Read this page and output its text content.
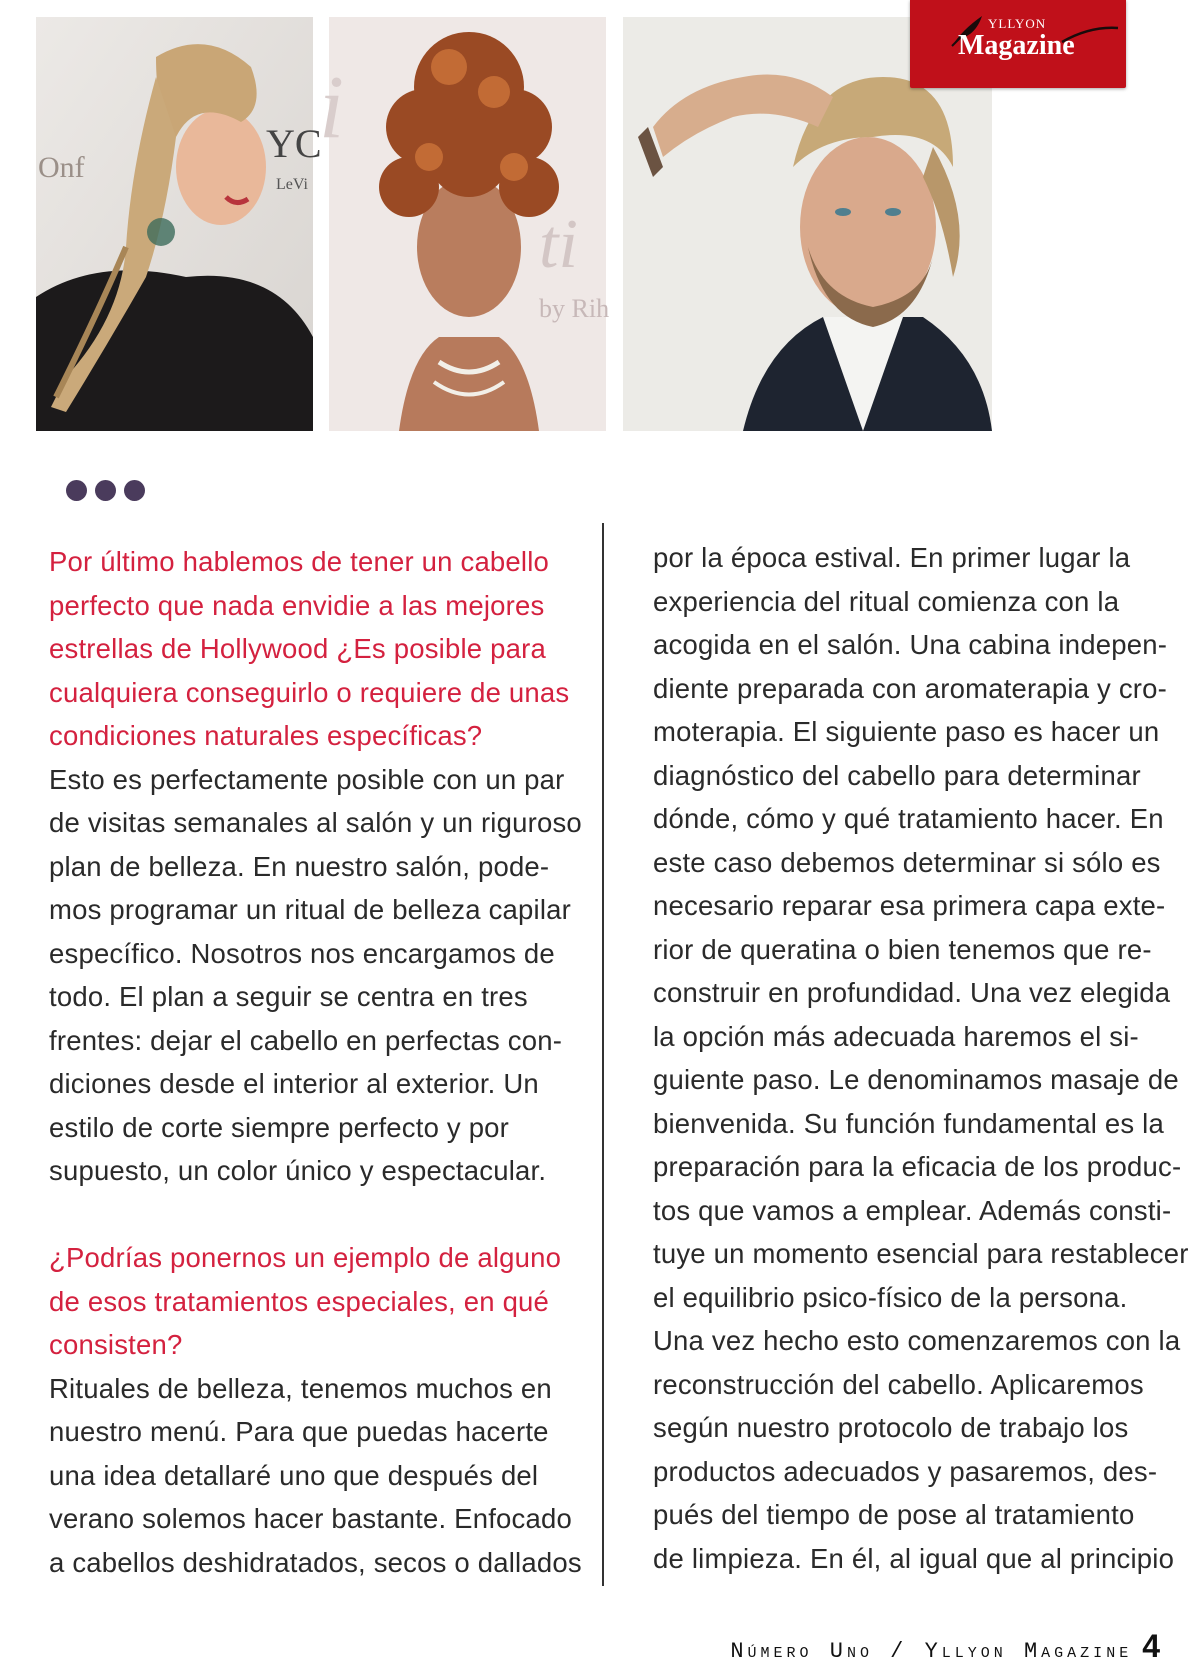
Onf
YC
LeVi
i
ti
by Rih
YLLYON
Magazine
Por último hablemos de tener un cabello
perfecto que nada envidie a las mejores
estrellas de Hollywood ¿Es posible para
cualquiera conseguirlo o requiere de unas
condiciones naturales específicas?
Esto es perfectamente posible con un par
de visitas semanales al salón y un riguroso
plan de belleza. En nuestro salón, pode-
mos programar un ritual de belleza capilar
específico. Nosotros nos encargamos de
todo. El plan a seguir se centra en tres
frentes: dejar el cabello en perfectas con-
diciones desde el interior al exterior. Un
estilo de corte siempre perfecto y por
supuesto, un color único y espectacular.
¿Podrías ponernos un ejemplo de alguno
de esos tratamientos especiales, en qué
consisten?
Rituales de belleza, tenemos muchos en
nuestro menú. Para que puedas hacerte
una idea detallaré uno que después del
verano solemos hacer bastante. Enfocado
a cabellos deshidratados, secos o dallados
por la época estival. En primer lugar la
experiencia del ritual comienza con la
acogida en el salón. Una cabina indepen-
diente preparada con aromaterapia y cro-
moterapia. El siguiente paso es hacer un
diagnóstico del cabello para determinar
dónde, cómo y qué tratamiento hacer. En
este caso debemos determinar si sólo es
necesario reparar esa primera capa exte-
rior de queratina o bien tenemos que re-
construir en profundidad. Una vez elegida
la opción más adecuada haremos el si-
guiente paso. Le denominamos masaje de
bienvenida. Su función fundamental es la
preparación para la eficacia de los produc-
tos que vamos a emplear. Además consti-
tuye un momento esencial para restablecer
el equilibrio psico-físico de la persona.
Una vez hecho esto comenzaremos con la
reconstrucción del cabello. Aplicaremos
según nuestro protocolo de trabajo los
productos adecuados y pasaremos, des-
pués del tiempo de pose al tratamiento
de limpieza. En él, al igual que al principio
Número Uno / Yllyon Magazine 4
